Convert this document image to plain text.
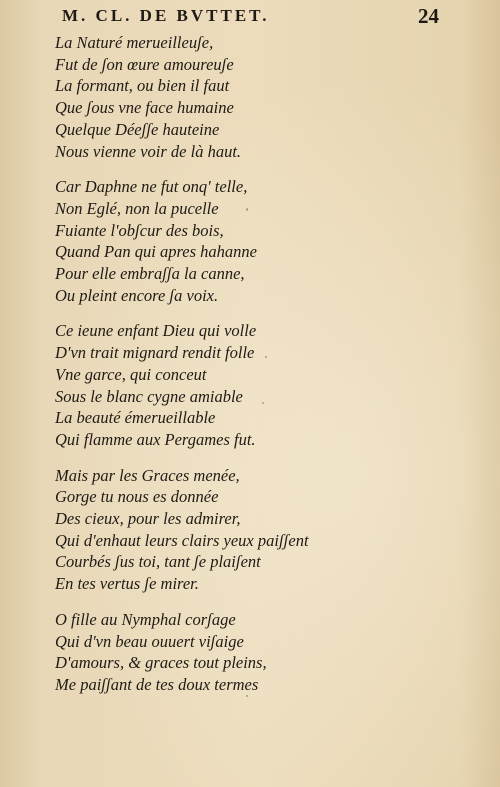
M. CL. DE BVTTET.	24
La Naturé merueilleuʃe,
Fut de ʃon œure amoureuʃe
La formant, ou bien il faut
Que ʃous vne face humaine
Quelque Déeʃʃe hauteine
Nous vienne voir de là haut.
Car Daphne ne fut onq' telle,
Non Eglé, non la pucelle
Fuiante l'obʃcur des bois,
Quand Pan qui apres hahanne
Pour elle embraʃʃa la canne,
Ou pleint encore ʃa voix.
Ce ieune enfant Dieu qui volle
D'vn trait mignard rendit folle
Vne garce, qui conceut
Sous le blanc cygne amiable
La beauté émerueillable
Qui flamme aux Pergames fut.
Mais par les Graces menée,
Gorge tu nous es donnée
Des cieux, pour les admirer,
Qui d'enhaut leurs clairs yeux paiʃʃent
Courbés ʃus toi, tant ʃe plaiʃent
En tes vertus ʃe mirer.
O fille au Nymphal corʃage
Qui d'vn beau ouuert viʃaige
D'amours, & graces tout pleins,
Me paiʃʃant de tes doux termes
